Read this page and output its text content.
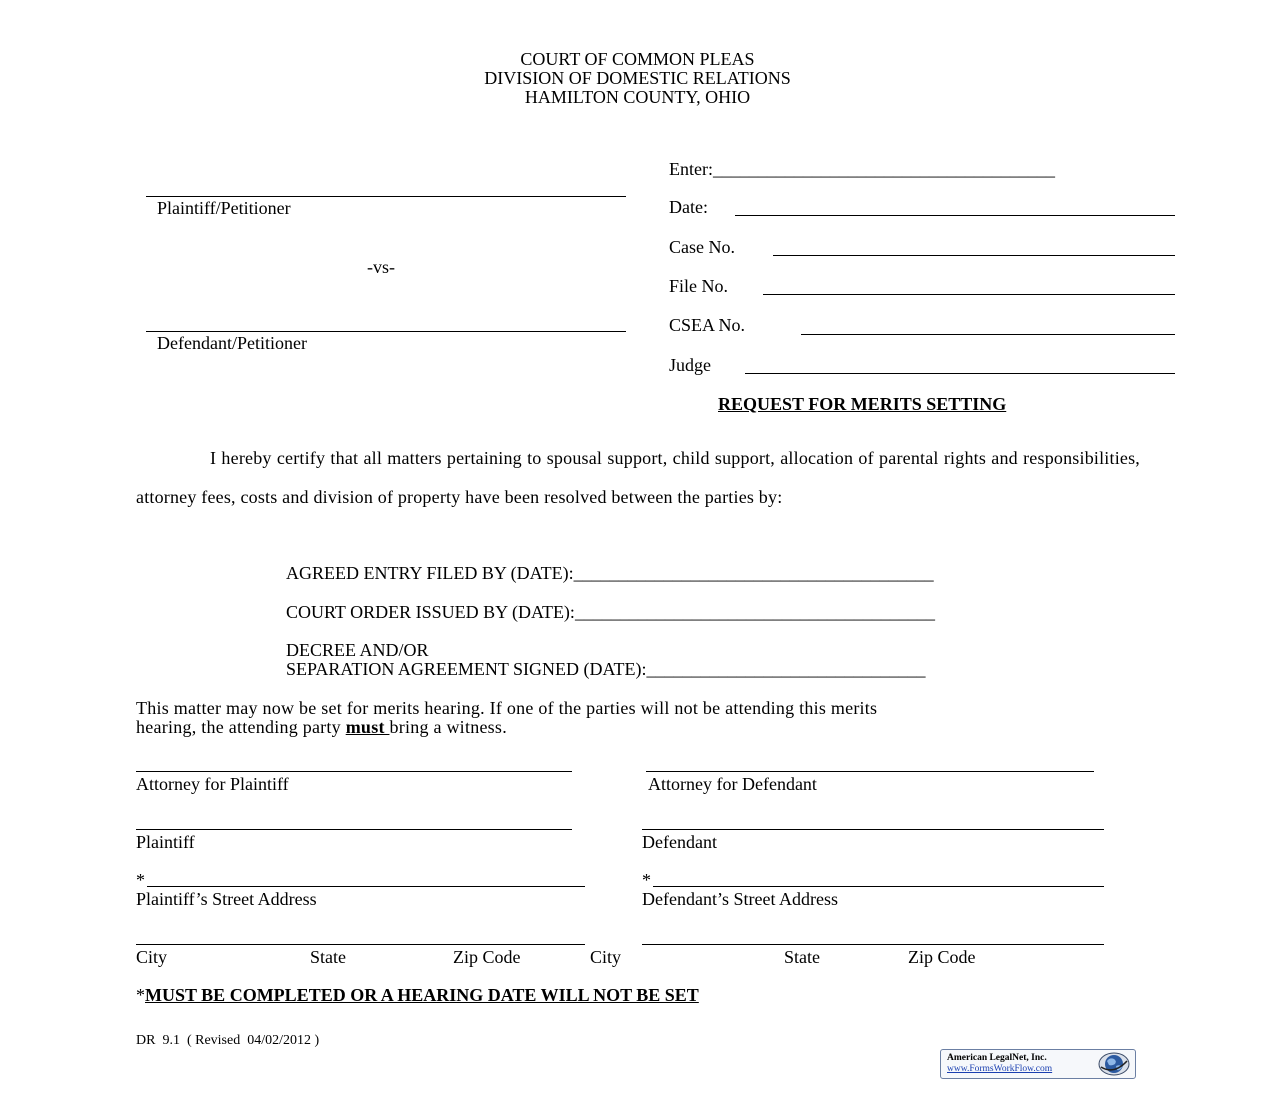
COURT OF COMMON PLEAS
DIVISION OF DOMESTIC RELATIONS
HAMILTON COUNTY, OHIO
Plaintiff/Petitioner
-vs-
Defendant/Petitioner
Enter:______________________________________
Date:
Case No.
File No.
CSEA No.
Judge
REQUEST FOR MERITS SETTING
I hereby certify that all matters pertaining to spousal support, child support, allocation of parental rights and responsibilities, attorney fees, costs and division of property have been resolved between the parties by:
AGREED ENTRY FILED BY (DATE):________________________________________
COURT ORDER ISSUED BY (DATE):________________________________________
DECREE AND/OR
SEPARATION AGREEMENT SIGNED (DATE):_______________________________
This matter may now be set for merits hearing. If one of the parties will not be attending this merits
hearing, the attending party must bring a witness.
Attorney for Plaintiff	Attorney for Defendant
Plaintiff	Defendant
*	*
Plaintiff’s Street Address	Defendant’s Street Address
City	State	Zip Code	City	State	Zip Code
*MUST BE COMPLETED OR A HEARING DATE WILL NOT BE SET
DR  9.1  ( Revised  04/02/2012 )
American LegalNet, Inc.
www.FormsWorkFlow.com
